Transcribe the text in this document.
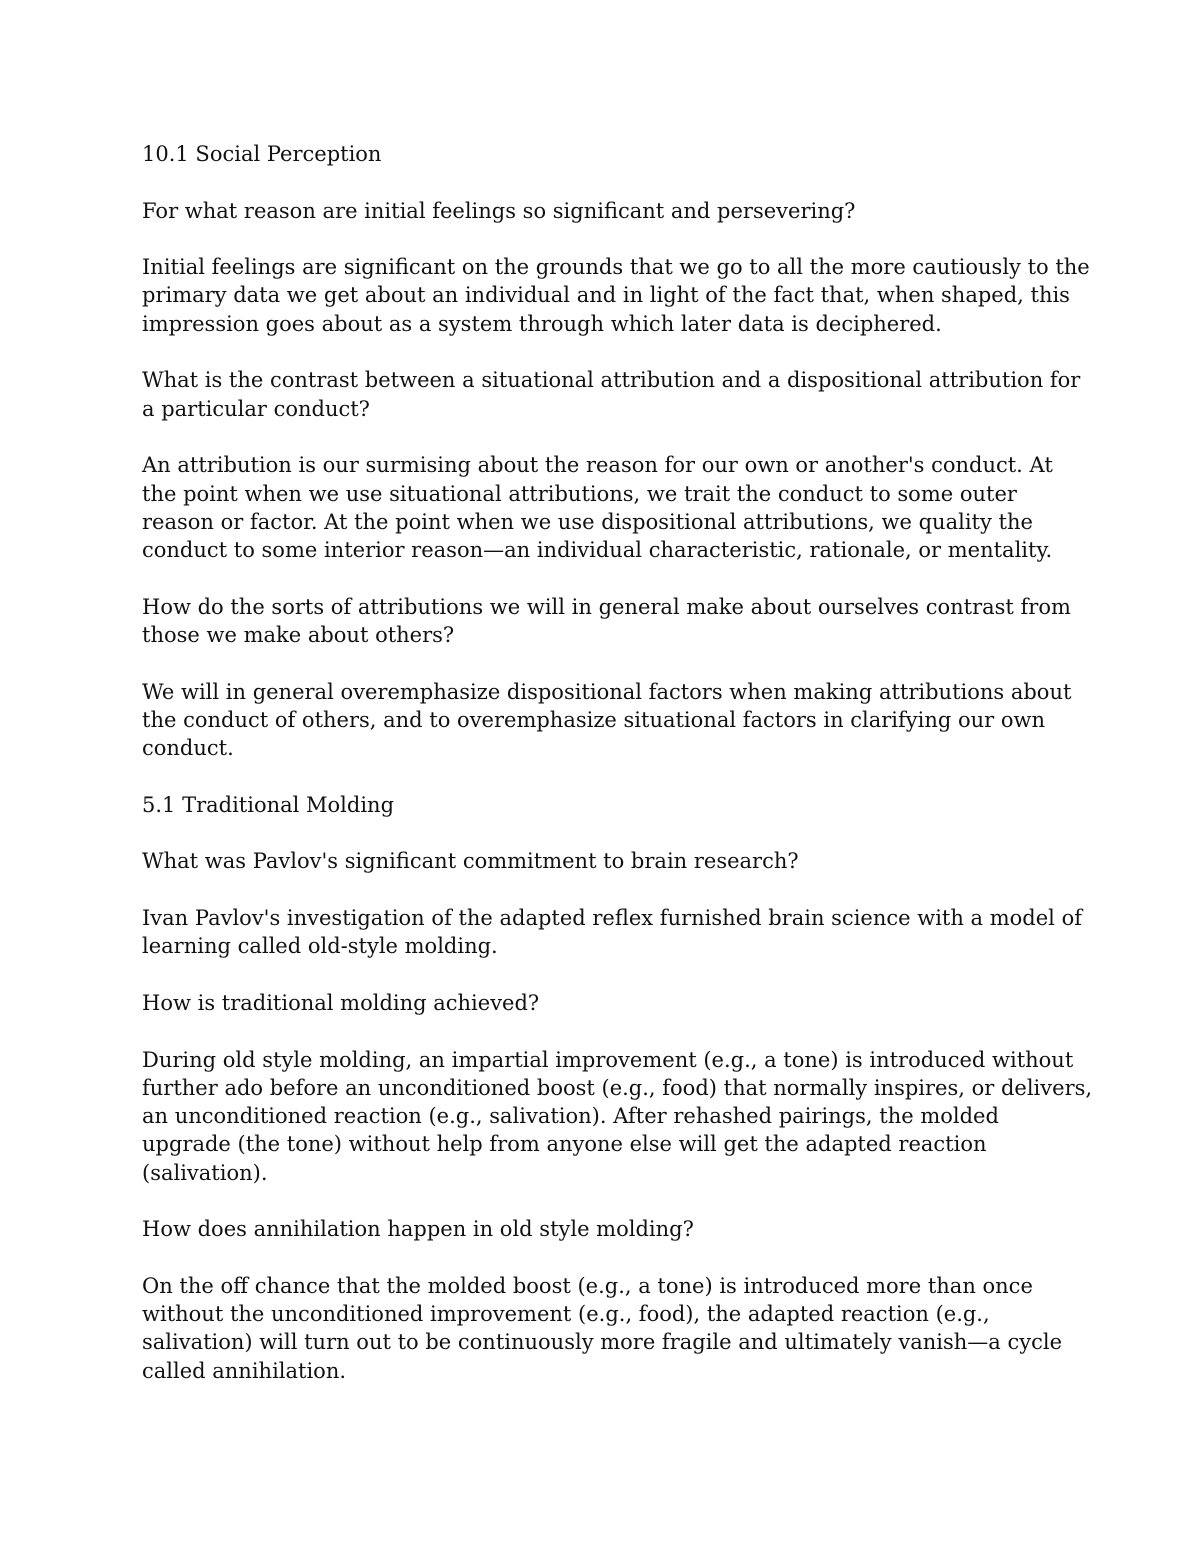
10.1 Social Perception
For what reason are initial feelings so significant and persevering?
Initial feelings are significant on the grounds that we go to all the more cautiously to the
primary data we get about an individual and in light of the fact that, when shaped, this
impression goes about as a system through which later data is deciphered.
What is the contrast between a situational attribution and a dispositional attribution for
a particular conduct?
An attribution is our surmising about the reason for our own or another's conduct. At
the point when we use situational attributions, we trait the conduct to some outer
reason or factor. At the point when we use dispositional attributions, we quality the
conduct to some interior reason—an individual characteristic, rationale, or mentality.
How do the sorts of attributions we will in general make about ourselves contrast from
those we make about others?
We will in general overemphasize dispositional factors when making attributions about
the conduct of others, and to overemphasize situational factors in clarifying our own
conduct.
5.1 Traditional Molding
What was Pavlov's significant commitment to brain research?
Ivan Pavlov's investigation of the adapted reflex furnished brain science with a model of
learning called old-style molding.
How is traditional molding achieved?
During old style molding, an impartial improvement (e.g., a tone) is introduced without
further ado before an unconditioned boost (e.g., food) that normally inspires, or delivers,
an unconditioned reaction (e.g., salivation). After rehashed pairings, the molded
upgrade (the tone) without help from anyone else will get the adapted reaction
(salivation).
How does annihilation happen in old style molding?
On the off chance that the molded boost (e.g., a tone) is introduced more than once
without the unconditioned improvement (e.g., food), the adapted reaction (e.g.,
salivation) will turn out to be continuously more fragile and ultimately vanish—a cycle
called annihilation.
